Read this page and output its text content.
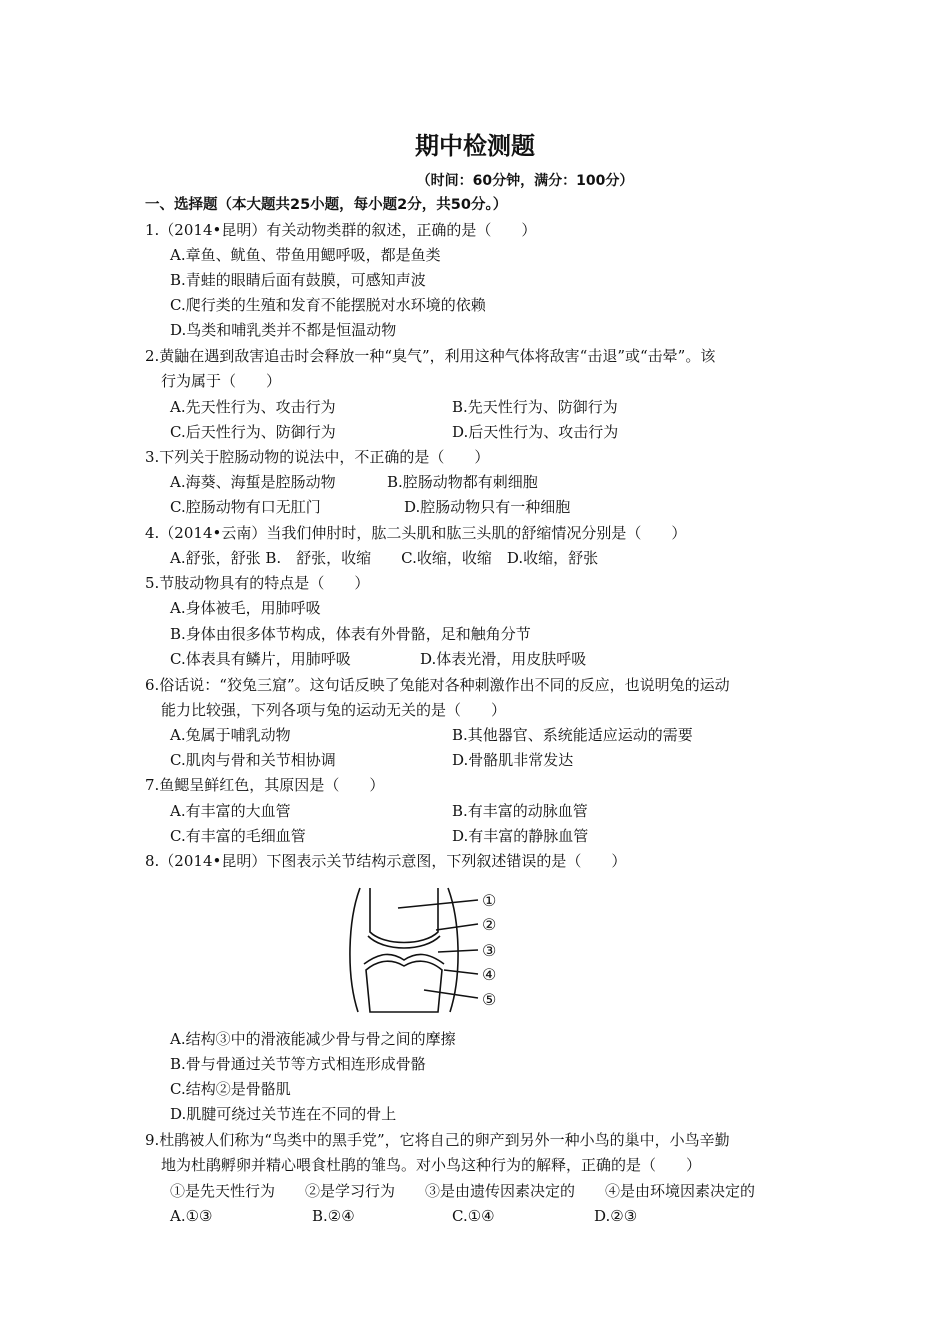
期中检测题
（时间：60分钟，满分：100分）
一、选择题（本大题共25小题，每小题2分，共50分。）
1.（2014•昆明）有关动物类群的叙述，正确的是（　　）
A.章鱼、鱿鱼、带鱼用鳃呼吸，都是鱼类
B.青蛙的眼睛后面有鼓膜，可感知声波
C.爬行类的生殖和发育不能摆脱对水环境的依赖
D.鸟类和哺乳类并不都是恒温动物
2.黄鼬在遇到敌害追击时会释放一种“臭气”，利用这种气体将敌害“击退”或“击晕”。该
行为属于（　　）
A.先天性行为、攻击行为	B.先天性行为、防御行为
C.后天性行为、防御行为	D.后天性行为、攻击行为
3.下列关于腔肠动物的说法中，不正确的是（　　）
A.海葵、海蜇是腔肠动物	B.腔肠动物都有刺细胞
C.腔肠动物有口无肛门	D.腔肠动物只有一种细胞
4.（2014•云南）当我们伸肘时，肱二头肌和肱三头肌的舒缩情况分别是（　　）
A.舒张，舒张 B.　舒张，收缩　　C.收缩，收缩　D.收缩，舒张
5.节肢动物具有的特点是（　　）
A.身体被毛，用肺呼吸
B.身体由很多体节构成，体表有外骨骼，足和触角分节
C.体表具有鳞片，用肺呼吸	D.体表光滑，用皮肤呼吸
6.俗话说：“狡兔三窟”。这句话反映了兔能对各种刺激作出不同的反应，也说明兔的运动
能力比较强，下列各项与兔的运动无关的是（　　）
A.兔属于哺乳动物	B.其他器官、系统能适应运动的需要
C.肌肉与骨和关节相协调	D.骨骼肌非常发达
7.鱼鳃呈鲜红色，其原因是（　　）
A.有丰富的大血管	B.有丰富的动脉血管
C.有丰富的毛细血管	D.有丰富的静脉血管
8.（2014•昆明）下图表示关节结构示意图，下列叙述错误的是（　　）
①
②
③
④
⑤
A.结构③中的滑液能减少骨与骨之间的摩擦
B.骨与骨通过关节等方式相连形成骨骼
C.结构②是骨骼肌
D.肌腱可绕过关节连在不同的骨上
9.杜鹃被人们称为“鸟类中的黑手党”，它将自己的卵产到另外一种小鸟的巢中，小鸟辛勤
地为杜鹃孵卵并精心喂食杜鹃的雏鸟。对小鸟这种行为的解释，正确的是（　　）
①是先天性行为　　②是学习行为　　③是由遗传因素决定的　　④是由环境因素决定的
A.①③	B.②④	C.①④	D.②③
